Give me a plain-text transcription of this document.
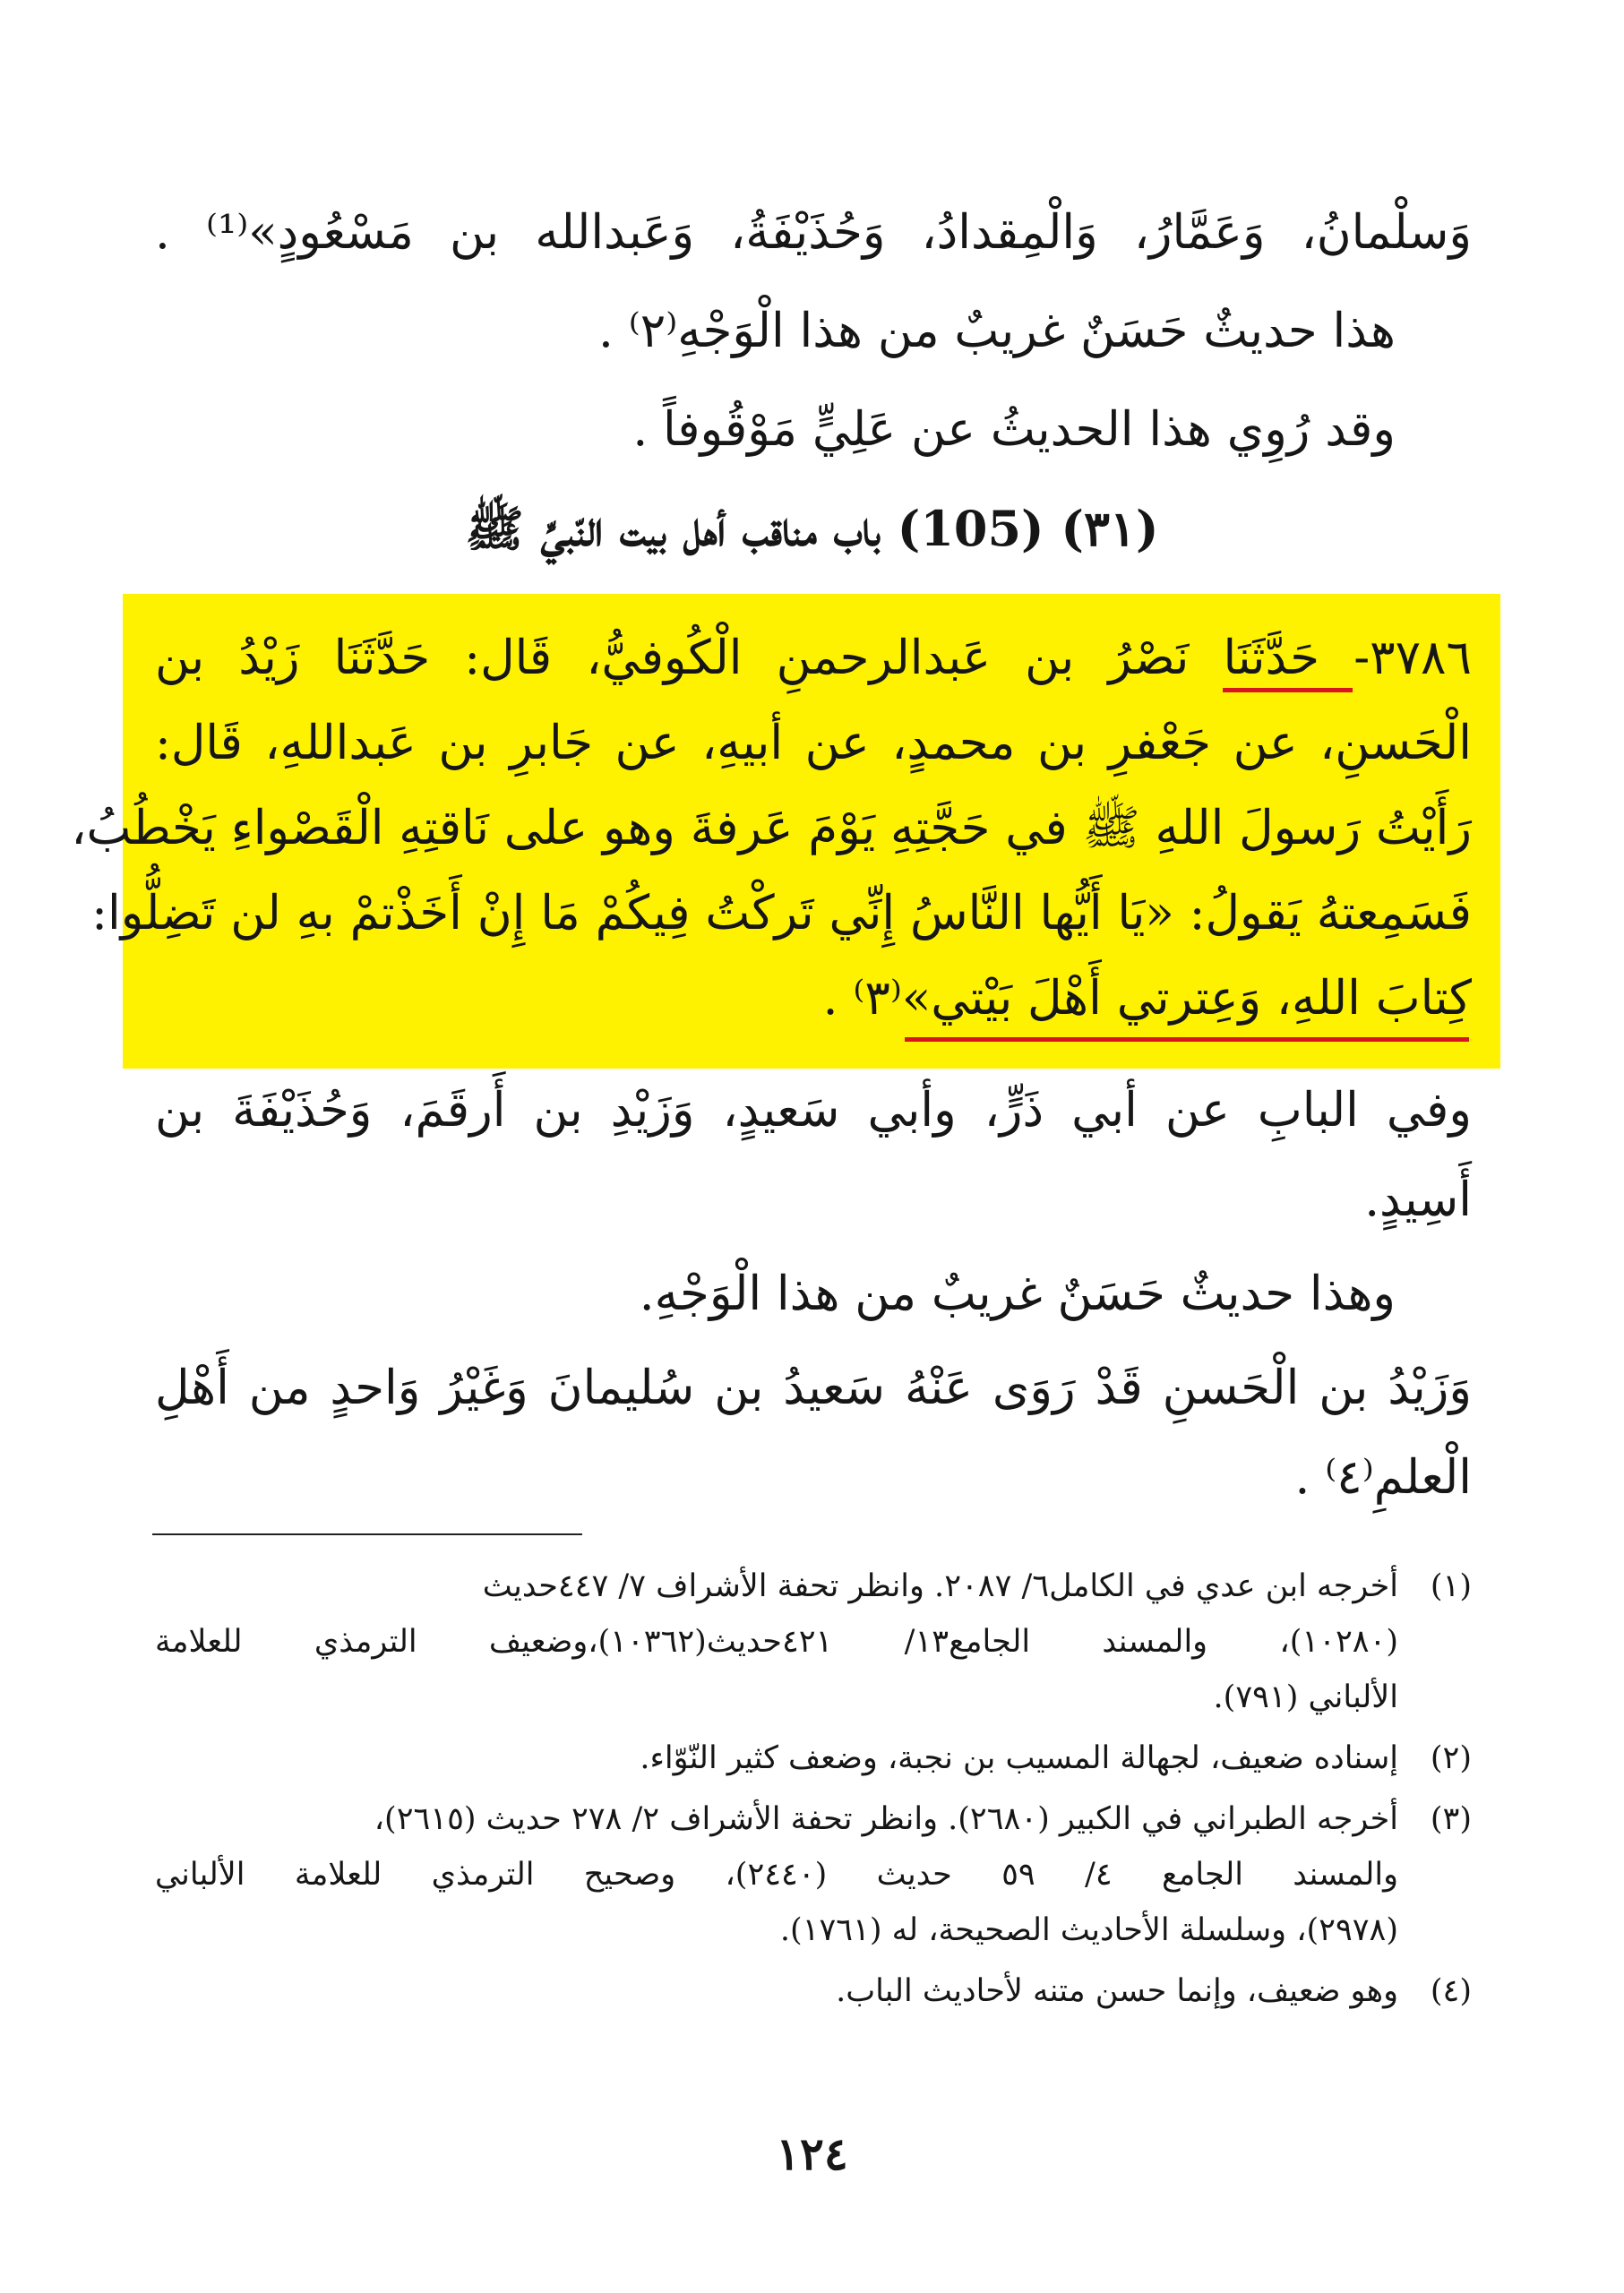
وَسلْمانُ، وَعَمَّارُ، وَالْمِقدادُ، وَحُذَيْفَةُ، وَعَبدالله بن مَسْعُودٍ»⁽¹⁾ .
هذا حديثٌ حَسَنٌ غريبٌ من هذا الْوَجْهِ⁽٢⁾ .
وقد رُوِي هذا الحديثُ عن عَلِيٍّ مَوْقُوفاً .
(٣١) (105) باب مناقب أهل بيت النّبيِّ ﷺ
٣٧٨٦- حَدَّثَنَا نَصْرُ بن عَبدالرحمنِ الْكُوفيُّ، قَال: حَدَّثَنَا زَيْدُ بن
الْحَسنِ، عن جَعْفرِ بن محمدٍ، عن أبيهِ، عن جَابرِ بن عَبداللهِ، قَال:
رَأَيْتُ رَسولَ اللهِ ﷺ في حَجَّتِهِ يَوْمَ عَرفةَ وهو على نَاقتِهِ الْقَصْواءِ يَخْطُبُ،
فَسَمِعتهُ يَقولُ: «يَا أَيُّها النَّاسُ إِنِّي تَركْتُ فِيكُمْ مَا إِنْ أَخَذْتمْ بهِ لن تَضِلُّوا:
كِتابَ اللهِ، وَعِترتي أَهْلَ بَيْتي»⁽٣⁾ .
وفي البابِ عن أبي ذَرٍّ، وأبي سَعيدٍ، وَزَيْدِ بن أَرقَمَ، وَحُذَيْفَةَ بن
أَسِيدٍ.
وهذا حديثٌ حَسَنٌ غريبٌ من هذا الْوَجْهِ.
وَزَيْدُ بن الْحَسنِ قَدْ رَوَى عَنْهُ سَعيدُ بن سُليمانَ وَغَيْرُ وَاحدٍ من أَهْلِ
الْعلمِ⁽٤⁾ .
(١)أخرجه ابن عدي في الكامل٦/ ٢٠٨٧. وانظر تحفة الأشراف ٧/ ٤٤٧حديث
(١٠٢٨٠)، والمسند الجامع١٣/ ٤٢١حديث(١٠٣٦٢)،وضعيف الترمذي للعلامة
الألباني (٧٩١).
(٢)إسناده ضعيف، لجهالة المسيب بن نجبة، وضعف كثير النّوّاء.
(٣)أخرجه الطبراني في الكبير (٢٦٨٠). وانظر تحفة الأشراف ٢/ ٢٧٨ حديث (٢٦١٥)،
والمسند الجامع ٤/ ٥٩ حديث (٢٤٤٠)، وصحيح الترمذي للعلامة الألباني
(٢٩٧٨)، وسلسلة الأحاديث الصحيحة، له (١٧٦١).
(٤)وهو ضعيف، وإنما حسن متنه لأحاديث الباب.
١٢٤
